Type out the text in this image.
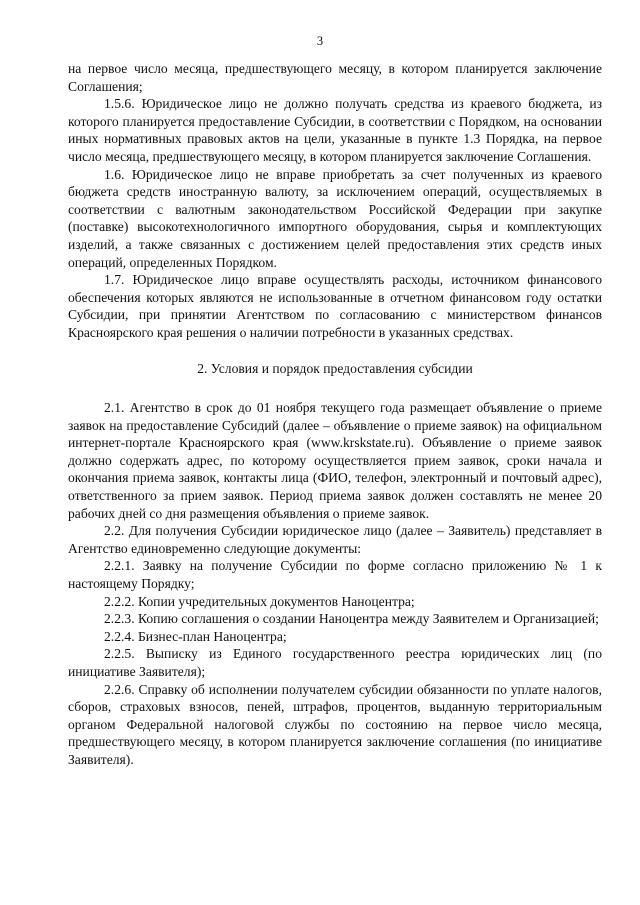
3

на первое число месяца, предшествующего месяцу, в котором планируется заключение Соглашения;

1.5.6. Юридическое лицо не должно получать средства из краевого бюджета, из которого планируется предоставление Субсидии, в соответствии с Порядком, на основании иных нормативных правовых актов на цели, указанные в пункте 1.3 Порядка, на первое число месяца, предшествующего месяцу, в котором планируется заключение Соглашения.

1.6. Юридическое лицо не вправе приобретать за счет полученных из краевого бюджета средств иностранную валюту, за исключением операций, осуществляемых в соответствии с валютным законодательством Российской Федерации при закупке (поставке) высокотехнологичного импортного оборудования, сырья и комплектующих изделий, а также связанных с достижением целей предоставления этих средств иных операций, определенных Порядком.

1.7. Юридическое лицо вправе осуществлять расходы, источником финансового обеспечения которых являются не использованные в отчетном финансовом году остатки Субсидии, при принятии Агентством по согласованию с министерством финансов Красноярского края решения о наличии потребности в указанных средствах.

2. Условия и порядок предоставления субсидии

2.1. Агентство в срок до 01 ноября текущего года размещает объявление о приеме заявок на предоставление Субсидий (далее – объявление о приеме заявок) на официальном интернет-портале Красноярского края (www.krskstate.ru). Объявление о приеме заявок должно содержать адрес, по которому осуществляется прием заявок, сроки начала и окончания приема заявок, контакты лица (ФИО, телефон, электронный и почтовый адрес), ответственного за прием заявок. Период приема заявок должен составлять не менее 20 рабочих дней со дня размещения объявления о приеме заявок.

2.2. Для получения Субсидии юридическое лицо (далее – Заявитель) представляет в Агентство единовременно следующие документы:

2.2.1. Заявку на получение Субсидии по форме согласно приложению № 1 к настоящему Порядку;

2.2.2. Копии учредительных документов Наноцентра;

2.2.3. Копию соглашения о создании Наноцентра между Заявителем и Организацией;

2.2.4. Бизнес-план Наноцентра;

2.2.5. Выписку из Единого государственного реестра юридических лиц (по инициативе Заявителя);

2.2.6. Справку об исполнении получателем субсидии обязанности по уплате налогов, сборов, страховых взносов, пеней, штрафов, процентов, выданную территориальным органом Федеральной налоговой службы по состоянию на первое число месяца, предшествующего месяцу, в котором планируется заключение соглашения (по инициативе Заявителя).
